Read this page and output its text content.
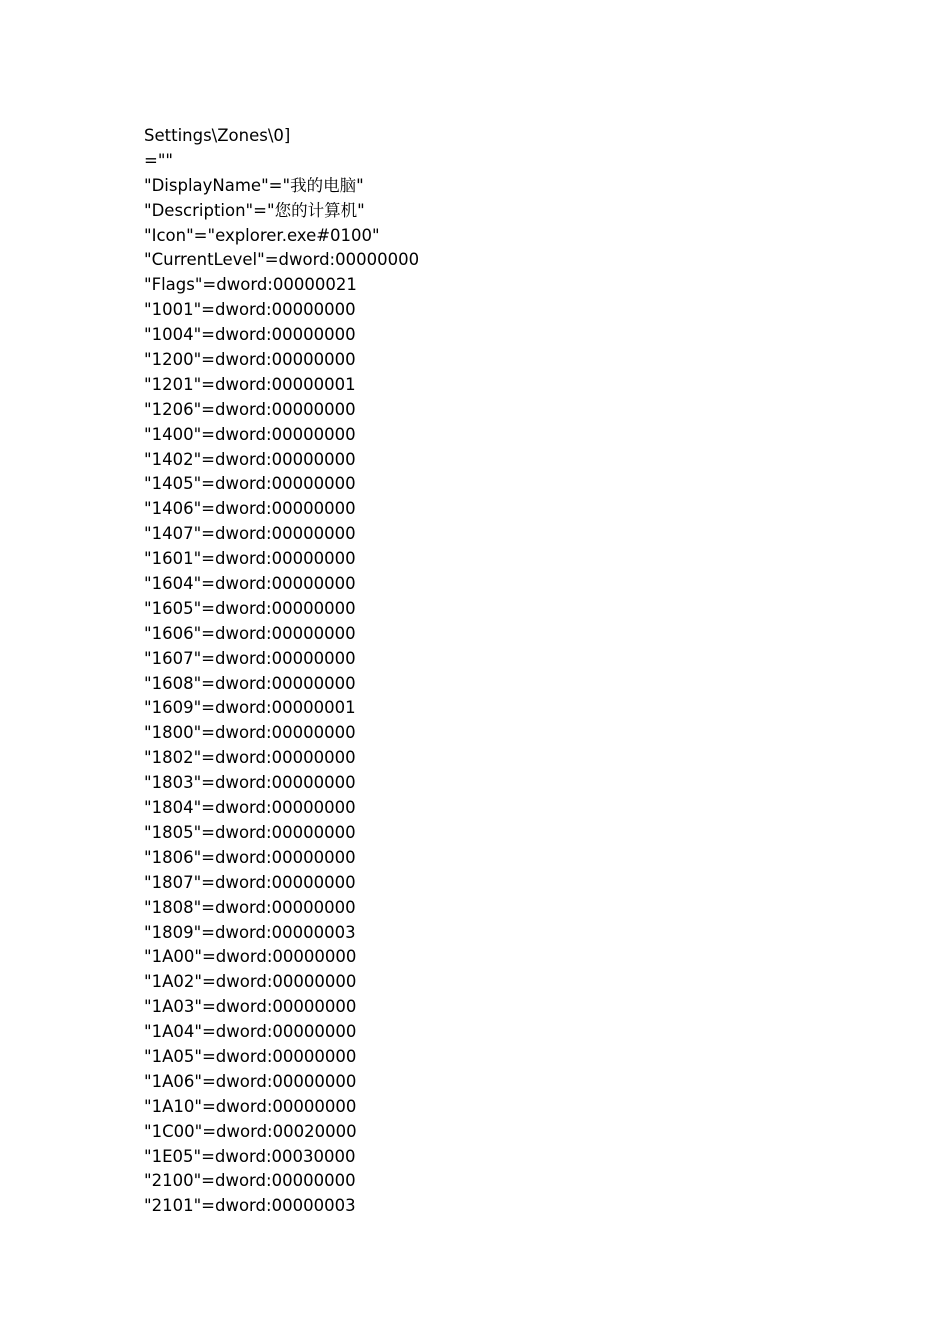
Settings\Zones\0]

=""

"DisplayName"="我的电脑"

"Description"="您的计算机"

"Icon"="explorer.exe#0100"

"CurrentLevel"=dword:00000000

"Flags"=dword:00000021

"1001"=dword:00000000

"1004"=dword:00000000

"1200"=dword:00000000

"1201"=dword:00000001

"1206"=dword:00000000

"1400"=dword:00000000

"1402"=dword:00000000

"1405"=dword:00000000

"1406"=dword:00000000

"1407"=dword:00000000

"1601"=dword:00000000

"1604"=dword:00000000

"1605"=dword:00000000

"1606"=dword:00000000

"1607"=dword:00000000

"1608"=dword:00000000

"1609"=dword:00000001

"1800"=dword:00000000

"1802"=dword:00000000

"1803"=dword:00000000

"1804"=dword:00000000

"1805"=dword:00000000

"1806"=dword:00000000

"1807"=dword:00000000

"1808"=dword:00000000

"1809"=dword:00000003

"1A00"=dword:00000000

"1A02"=dword:00000000

"1A03"=dword:00000000

"1A04"=dword:00000000

"1A05"=dword:00000000

"1A06"=dword:00000000

"1A10"=dword:00000000

"1C00"=dword:00020000

"1E05"=dword:00030000

"2100"=dword:00000000

"2101"=dword:00000003
